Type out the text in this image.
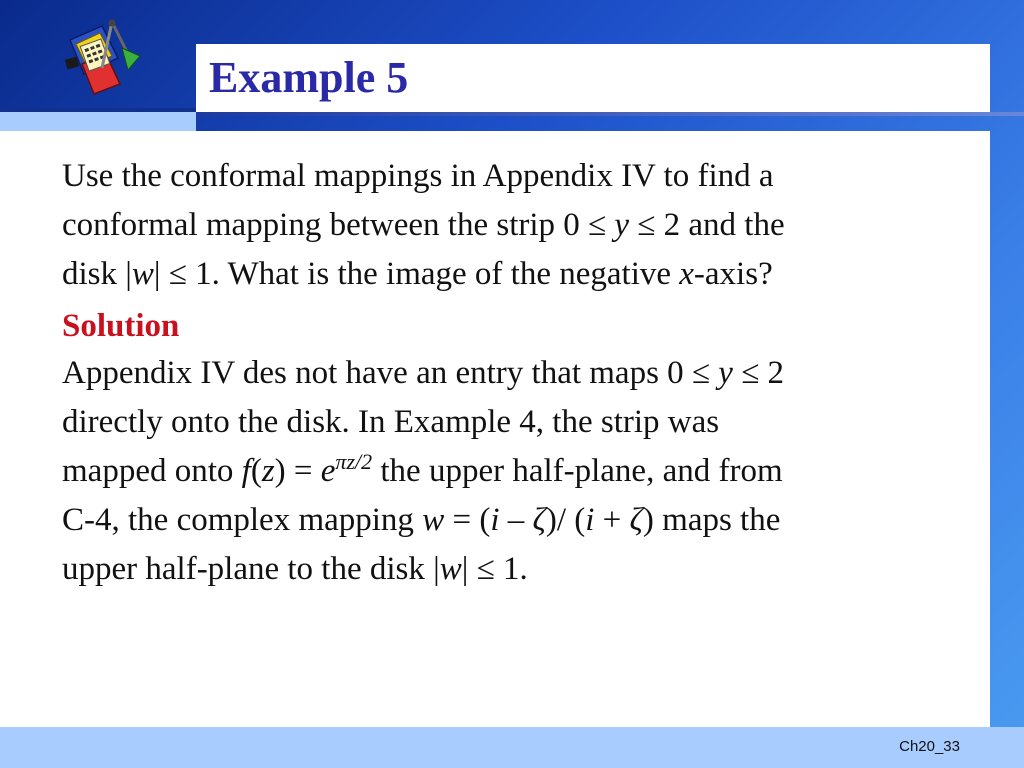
Example 5

Use the conformal mappings in Appendix IV to find a
conformal mapping between the strip 0 ≤ y ≤ 2 and the
disk |w| ≤ 1. What is the image of the negative x-axis?

Solution

Appendix IV des not have an entry that maps 0 ≤ y ≤ 2
directly onto the disk. In Example 4, the strip was
mapped onto $f(z) = e^{\pi z/2}$ the upper half-plane, and from
C-4, the complex mapping w = (i – ζ)/ (i + ζ) maps the
upper half-plane to the disk |w| ≤ 1.

Ch20_33
